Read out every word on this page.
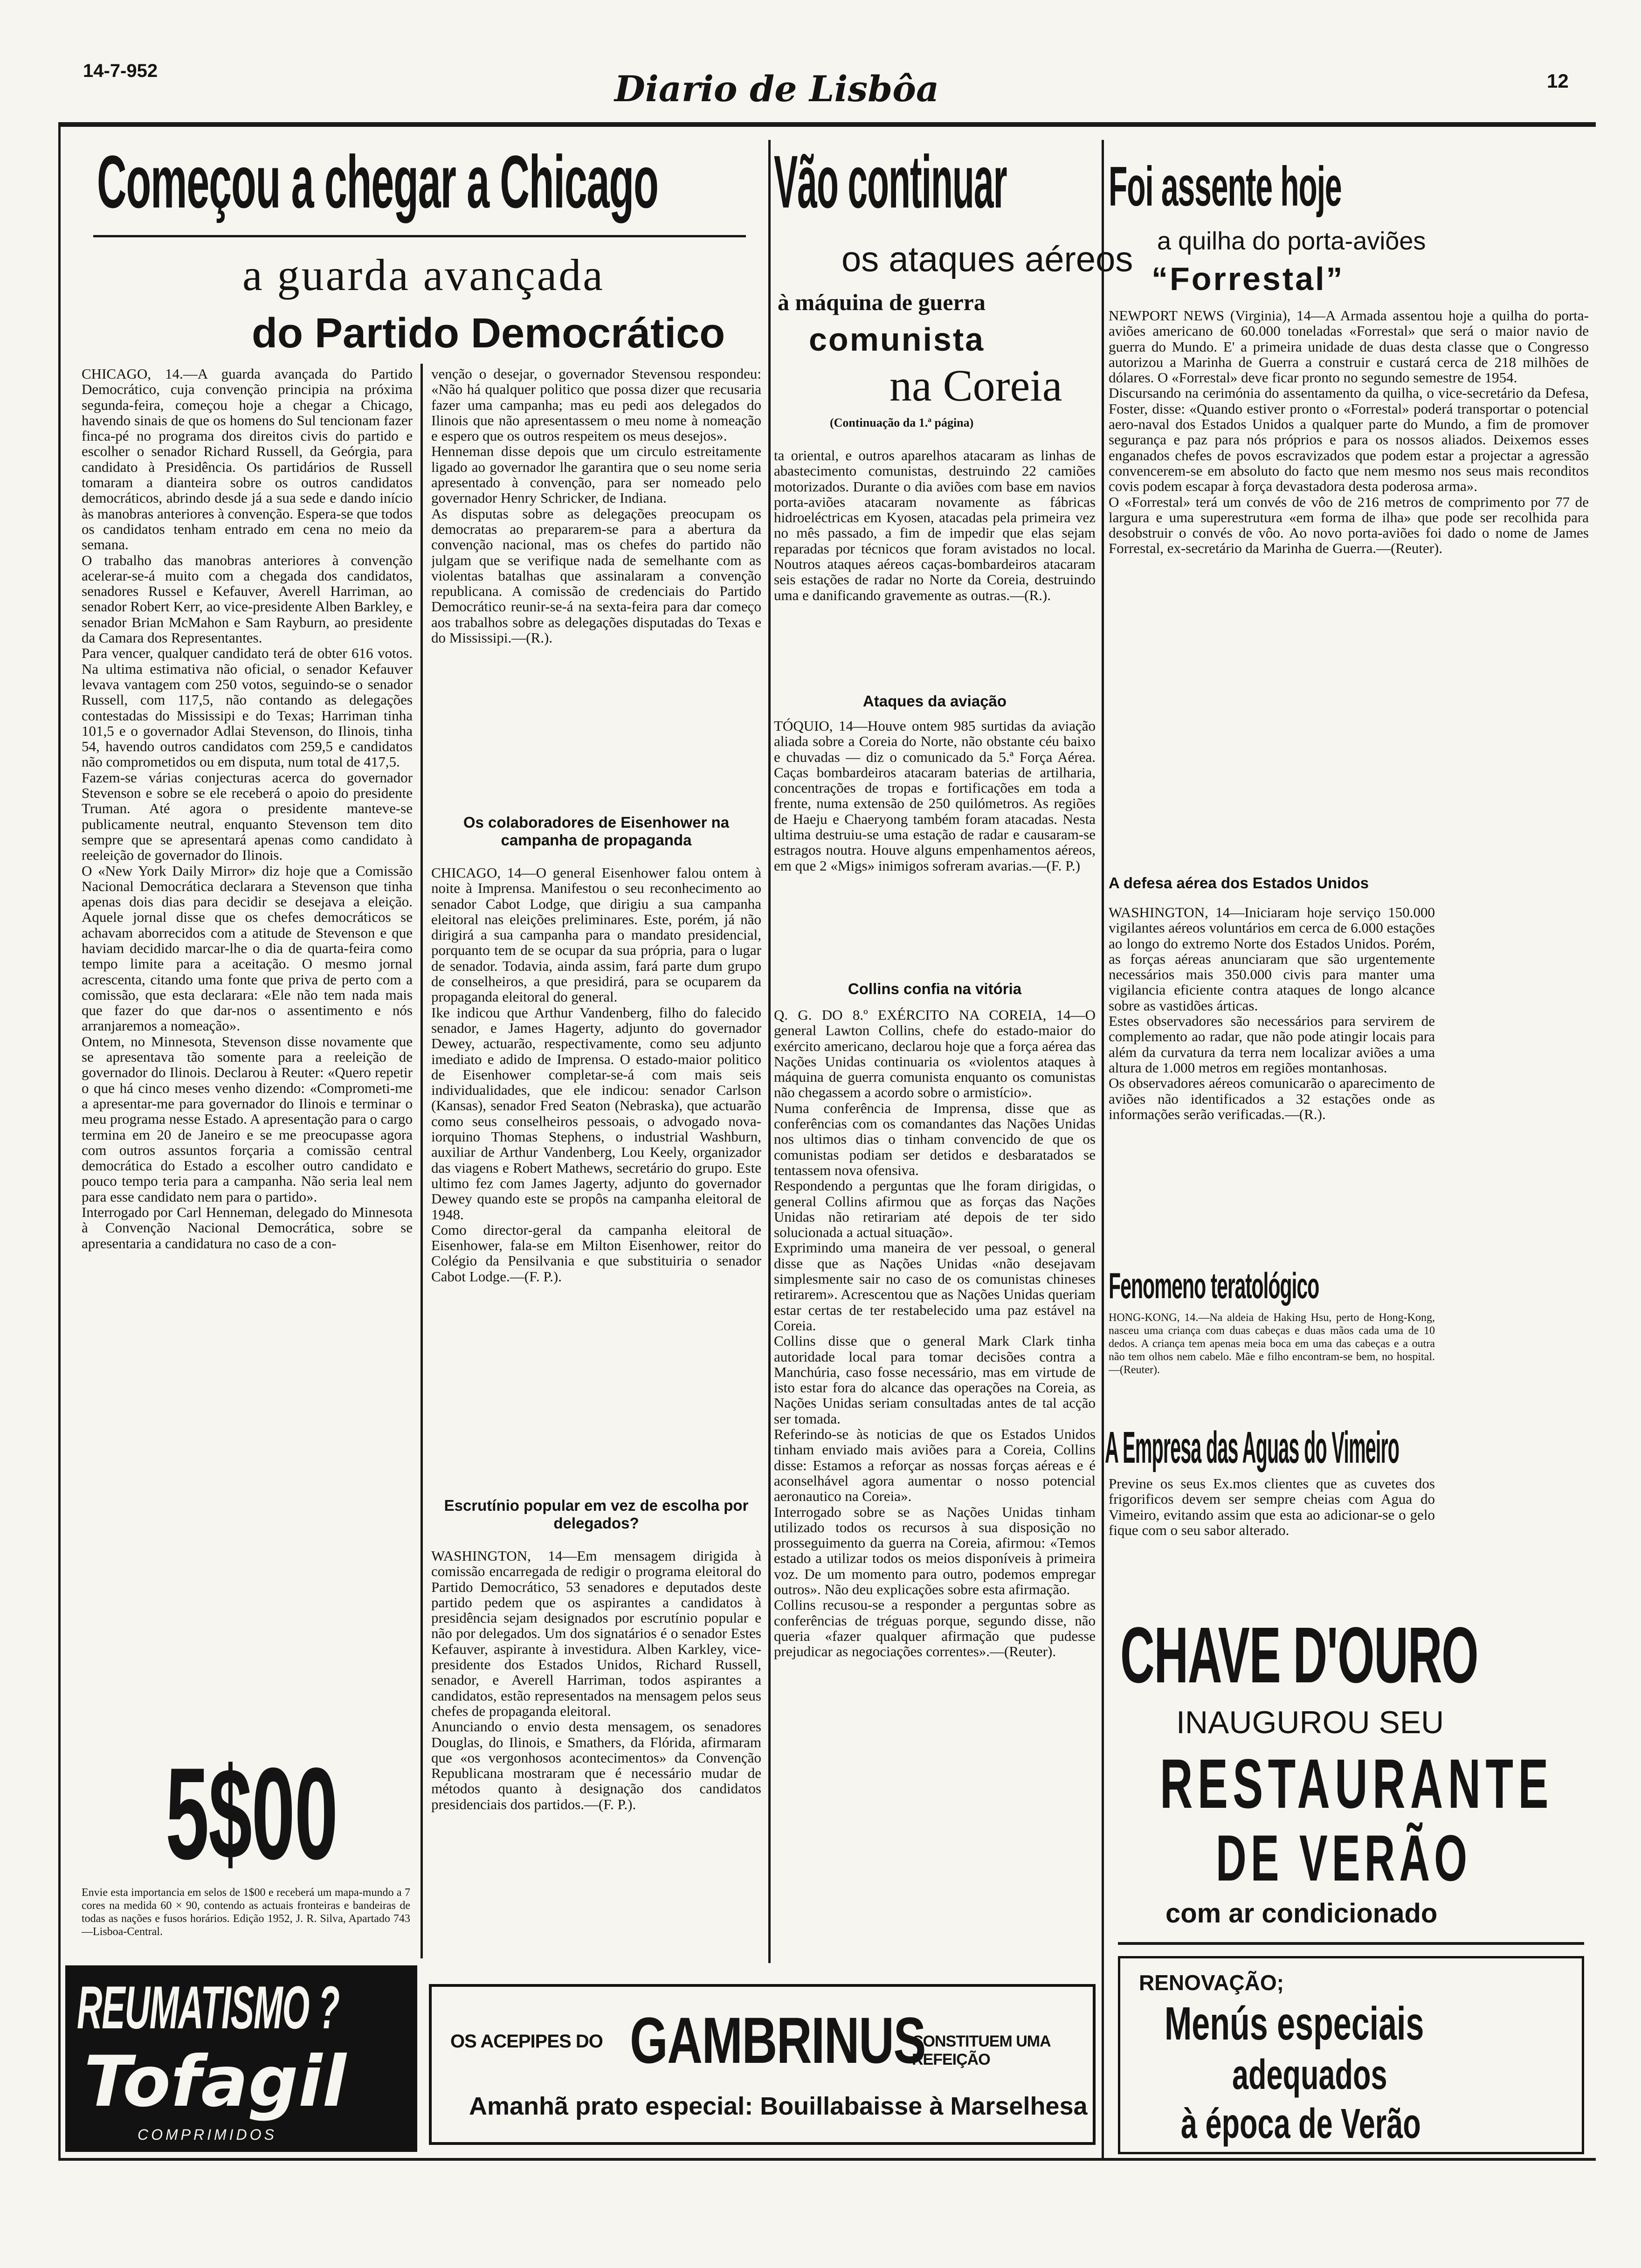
14-7-952	Diario de Lisbôa	12
Começou a chegar a Chicago
a guarda avançada
do Partido Democrático

CHICAGO, 14.—A guarda avançada do Partido Democrático, cuja convenção principia na próxima segunda-feira, começou hoje a chegar a Chicago, havendo sinais de que os homens do Sul tencionam fazer finca-pé no programa dos direitos civis do partido e escolher o senador Richard Russell, da Geórgia, para candidato à Presidência. Os partidários de Russell tomaram a dianteira sobre os outros candidatos democráticos, abrindo desde já a sua sede e dando início às manobras anteriores à convenção. Espera-se que todos os candidatos tenham entrado em cena no meio da semana.
O trabalho das manobras anteriores à convenção acelerar-se-á muito com a chegada dos candidatos, senadores Russel e Kefauver, Averell Harriman, ao senador Robert Kerr, ao vice-presidente Alben Barkley, e senador Brian McMahon e Sam Rayburn, ao presidente da Camara dos Representantes.
Para vencer, qualquer candidato terá de obter 616 votos. Na ultima estimativa não oficial, o senador Kefauver levava vantagem com 250 votos, seguindo-se o senador Russell, com 117,5, não contando as delegações contestadas do Mississipi e do Texas; Harriman tinha 101,5 e o governador Adlai Stevenson, do Ilinois, tinha 54, havendo outros candidatos com 259,5 e candidatos não comprometidos ou em disputa, num total de 417,5.
Fazem-se várias conjecturas acerca do governador Stevenson e sobre se ele receberá o apoio do presidente Truman. Até agora o presidente manteve-se publicamente neutral, enquanto Stevenson tem dito sempre que se apresentará apenas como candidato à reeleição de governador do Ilinois.
O «New York Daily Mirror» diz hoje que a Comissão Nacional Democrática declarara a Stevenson que tinha apenas dois dias para decidir se desejava a eleição. Aquele jornal disse que os chefes democráticos se achavam aborrecidos com a atitude de Stevenson e que haviam decidido marcar-lhe o dia de quarta-feira como tempo limite para a aceitação. O mesmo jornal acrescenta, citando uma fonte que priva de perto com a comissão, que esta declarara: «Ele não tem nada mais que fazer do que dar-nos o assentimento e nós arranjaremos a nomeação».
Ontem, no Minnesota, Stevenson disse novamente que se apresentava tão somente para a reeleição de governador do Ilinois. Declarou à Reuter: «Quero repetir o que há cinco meses venho dizendo: «Comprometi-me a apresentar-me para governador do Ilinois e terminar o meu programa nesse Estado. A apresentação para o cargo termina em 20 de Janeiro e se me preocupasse agora com outros assuntos forçaria a comissão central democrática do Estado a escolher outro candidato e pouco tempo teria para a campanha. Não seria leal nem para esse candidato nem para o partido».
Interrogado por Carl Henneman, delegado do Minnesota à Convenção Nacional Democrática, sobre se apresentaria a candidatura no caso de a con-

venção o desejar, o governador Stevensou respondeu: «Não há qualquer politico que possa dizer que recusaria fazer uma campanha; mas eu pedi aos delegados do Ilinois que não apresentassem o meu nome à nomeação e espero que os outros respeitem os meus desejos».
Henneman disse depois que um circulo estreitamente ligado ao governador lhe garantira que o seu nome seria apresentado à convenção, para ser nomeado pelo governador Henry Schricker, de Indiana.
As disputas sobre as delegações preocupam os democratas ao prepararem-se para a abertura da convenção nacional, mas os chefes do partido não julgam que se verifique nada de semelhante com as violentas batalhas que assinalaram a convenção republicana. A comissão de credenciais do Partido Democrático reunir-se-á na sexta-feira para dar começo aos trabalhos sobre as delegações disputadas do Texas e do Mississipi.—(R.).

Os colaboradores de Eisenhower na campanha de propaganda

CHICAGO, 14—O general Eisenhower falou ontem à noite à Imprensa. Manifestou o seu reconhecimento ao senador Cabot Lodge, que dirigiu a sua campanha eleitoral nas eleições preliminares. Este, porém, já não dirigirá a sua campanha para o mandato presidencial, porquanto tem de se ocupar da sua própria, para o lugar de senador. Todavia, ainda assim, fará parte dum grupo de conselheiros, a que presidirá, para se ocuparem da propaganda eleitoral do general.
Ike indicou que Arthur Vandenberg, filho do falecido senador, e James Hagerty, adjunto do governador Dewey, actuarão, respectivamente, como seu adjunto imediato e adido de Imprensa. O estado-maior politico de Eisenhower completar-se-á com mais seis individualidades, que ele indicou: senador Carlson (Kansas), senador Fred Seaton (Nebraska), que actuarão como seus conselheiros pessoais, o advogado nova-iorquino Thomas Stephens, o industrial Washburn, auxiliar de Arthur Vandenberg, Lou Keely, organizador das viagens e Robert Mathews, secretário do grupo. Este ultimo fez com James Jagerty, adjunto do governador Dewey quando este se propôs na campanha eleitoral de 1948.
Como director-geral da campanha eleitoral de Eisenhower, fala-se em Milton Eisenhower, reitor do Colégio da Pensilvania e que substituiria o senador Cabot Lodge.—(F. P.).

Escrutínio popular em vez de escolha por delegados?

WASHINGTON, 14—Em mensagem dirigida à comissão encarregada de redigir o programa eleitoral do Partido Democrático, 53 senadores e deputados deste partido pedem que os aspirantes a candidatos à presidência sejam designados por escrutínio popular e não por delegados. Um dos signatários é o senador Estes Kefauver, aspirante à investidura. Alben Karkley, vice-presidente dos Estados Unidos, Richard Russell, senador, e Averell Harriman, todos aspirantes a candidatos, estão representados na mensagem pelos seus chefes de propaganda eleitoral.
Anunciando o envio desta mensagem, os senadores Douglas, do Ilinois, e Smathers, da Flórida, afirmaram que «os vergonhosos acontecimentos» da Convenção Republicana mostraram que é necessário mudar de métodos quanto à designação dos candidatos presidenciais dos partidos.—(F. P.).

Vão continuar
os ataques aéreos
à máquina de guerra
comunista
na Coreia
(Continuação da 1.ª página)

ta oriental, e outros aparelhos atacaram as linhas de abastecimento comunistas, destruindo 22 camiões motorizados. Durante o dia aviões com base em navios porta-aviões atacaram novamente as fábricas hidroeléctricas em Kyosen, atacadas pela primeira vez no mês passado, a fim de impedir que elas sejam reparadas por técnicos que foram avistados no local. Noutros ataques aéreos caças-bombardeiros atacaram seis estações de radar no Norte da Coreia, destruindo uma e danificando gravemente as outras.—(R.).

Ataques da aviação

TÓQUIO, 14—Houve ontem 985 surtidas da aviação aliada sobre a Coreia do Norte, não obstante céu baixo e chuvadas — diz o comunicado da 5.ª Força Aérea. Caças bombardeiros atacaram baterias de artilharia, concentrações de tropas e fortificações em toda a frente, numa extensão de 250 quilómetros. As regiões de Haeju e Chaeryong também foram atacadas. Nesta ultima destruiu-se uma estação de radar e causaram-se estragos noutra. Houve alguns empenhamentos aéreos, em que 2 «Migs» inimigos sofreram avarias.—(F. P.)

Collins confia na vitória

Q. G. DO 8.º EXÉRCITO NA COREIA, 14—O general Lawton Collins, chefe do estado-maior do exército americano, declarou hoje que a força aérea das Nações Unidas continuaria os «violentos ataques à máquina de guerra comunista enquanto os comunistas não chegassem a acordo sobre o armistício».
Numa conferência de Imprensa, disse que as conferências com os comandantes das Nações Unidas nos ultimos dias o tinham convencido de que os comunistas podiam ser detidos e desbaratados se tentassem nova ofensiva.
Respondendo a perguntas que lhe foram dirigidas, o general Collins afirmou que as forças das Nações Unidas não retirariam até depois de ter sido solucionada a actual situação».
Exprimindo uma maneira de ver pessoal, o general disse que as Nações Unidas «não desejavam simplesmente sair no caso de os comunistas chineses retirarem». Acrescentou que as Nações Unidas queriam estar certas de ter restabelecido uma paz estável na Coreia.
Collins disse que o general Mark Clark tinha autoridade local para tomar decisões contra a Manchúria, caso fosse necessário, mas em virtude de isto estar fora do alcance das operações na Coreia, as Nações Unidas seriam consultadas antes de tal acção ser tomada.
Referindo-se às noticias de que os Estados Unidos tinham enviado mais aviões para a Coreia, Collins disse: Estamos a reforçar as nossas forças aéreas e é aconselhável agora aumentar o nosso potencial aeronautico na Coreia».
Interrogado sobre se as Nações Unidas tinham utilizado todos os recursos à sua disposição no prosseguimento da guerra na Coreia, afirmou: «Temos estado a utilizar todos os meios disponíveis à primeira voz. De um momento para outro, podemos empregar outros». Não deu explicações sobre esta afirmação.
Collins recusou-se a responder a perguntas sobre as conferências de tréguas porque, segundo disse, não queria «fazer qualquer afirmação que pudesse prejudicar as negociações correntes».—(Reuter).

Foi assente hoje
a quilha do porta-aviões
“Forrestal”

NEWPORT NEWS (Virginia), 14—A Armada assentou hoje a quilha do porta-aviões americano de 60.000 toneladas «Forrestal» que será o maior navio de guerra do Mundo. E' a primeira unidade de duas desta classe que o Congresso autorizou a Marinha de Guerra a construir e custará cerca de 218 milhões de dólares. O «Forrestal» deve ficar pronto no segundo semestre de 1954.
Discursando na cerimónia do assentamento da quilha, o vice-secretário da Defesa, Foster, disse: «Quando estiver pronto o «Forrestal» poderá transportar o potencial aero-naval dos Estados Unidos a qualquer parte do Mundo, a fim de promover segurança e paz para nós próprios e para os nossos aliados. Deixemos esses enganados chefes de povos escravizados que podem estar a projectar a agressão convencerem-se em absoluto do facto que nem mesmo nos seus mais reconditos covis podem escapar à força devastadora desta poderosa arma».
O «Forrestal» terá um convés de vôo de 216 metros de comprimento por 77 de largura e uma superestrutura «em forma de ilha» que pode ser recolhida para desobstruir o convés de vôo. Ao novo porta-aviões foi dado o nome de James Forrestal, ex-secretário da Marinha de Guerra.—(Reuter).

A defesa aérea dos Estados Unidos

WASHINGTON, 14—Iniciaram hoje serviço 150.000 vigilantes aéreos voluntários em cerca de 6.000 estações ao longo do extremo Norte dos Estados Unidos. Porém, as forças aéreas anunciaram que são urgentemente necessários mais 350.000 civis para manter uma vigilancia eficiente contra ataques de longo alcance sobre as vastidões árticas.
Estes observadores são necessários para servirem de complemento ao radar, que não pode atingir locais para além da curvatura da terra nem localizar aviões a uma altura de 1.000 metros em regiões montanhosas.
Os observadores aéreos comunicarão o aparecimento de aviões não identificados a 32 estações onde as informações serão verificadas.—(R.).

Fenomeno teratológico

HONG-KONG, 14.—Na aldeia de Haking Hsu, perto de Hong-Kong, nasceu uma criança com duas cabeças e duas mãos cada uma de 10 dedos. A criança tem apenas meia boca em uma das cabeças e a outra não tem olhos nem cabelo. Mãe e filho encontram-se bem, no hospital.—(Reuter).

A Empresa das Aguas do Vimeiro

Previne os seus Ex.mos clientes que as cuvetes dos frigorificos devem ser sempre cheias com Agua do Vimeiro, evitando assim que esta ao adicionar-se o gelo fique com o seu sabor alterado.

5$00

Envie esta importancia em selos de 1$00 e receberá um mapa-mundo a 7 cores na medida 60 × 90, contendo as actuais fronteiras e bandeiras de todas as nações e fusos horários. Edição 1952, J. R. Silva, Apartado 743—Lisboa-Central.

REUMATISMO ?
Tofagil
COMPRIMIDOS
OS ACEPIPES DO GAMBRINUS
CONSTITUEM UMA REFEIÇÃO
Amanhã prato especial: Bouillabaisse à Marselhesa
CHAVE D'OURO
INAUGUROU SEU
RESTAURANTE
DE VERÃO
com ar condicionado
RENOVAÇÃO;
Menús especiais
adequados
à época de Verão
